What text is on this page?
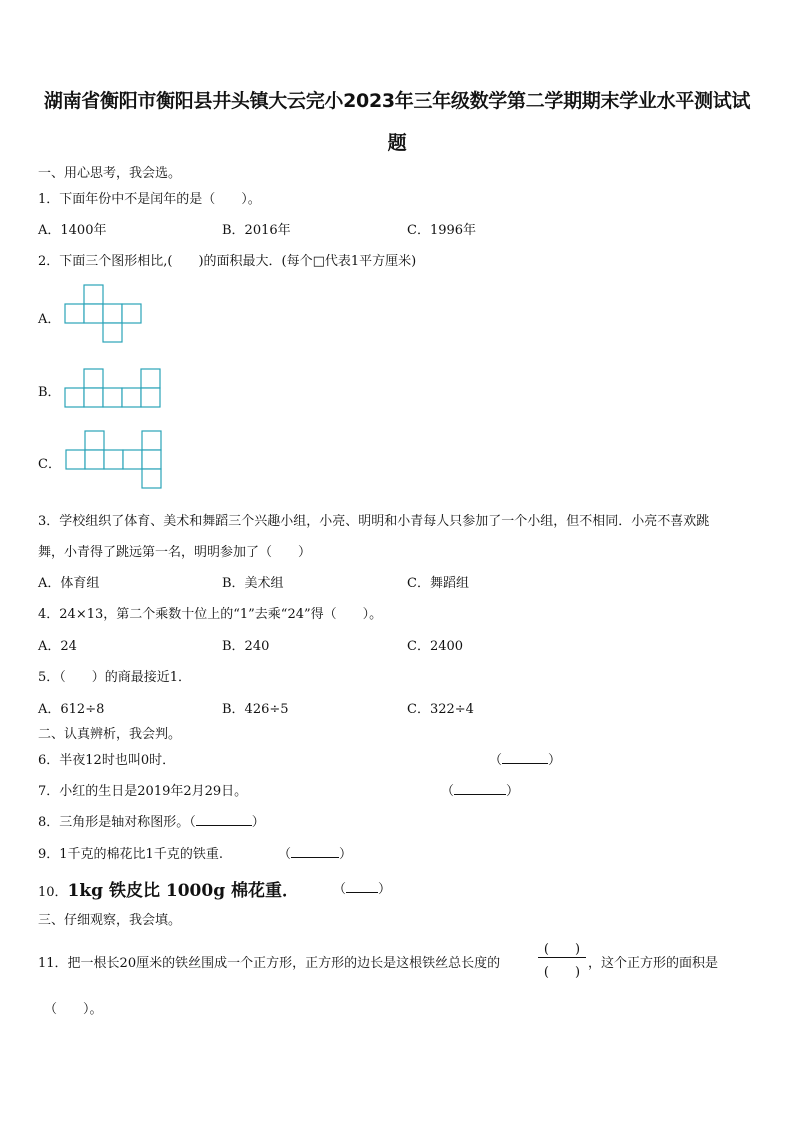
湖南省衡阳市衡阳县井头镇大云完小2023年三年级数学第二学期期末学业水平测试试
题
一、用心思考，我会选。
1．下面年份中不是闰年的是（　　）。
A．1400年	B．2016年	C．1996年
2．下面三个图形相比,(　　)的面积最大．(每个□代表1平方厘米)
A．
B．
C．
3．学校组织了体育、美术和舞蹈三个兴趣小组，小亮、明明和小青每人只参加了一个小组，但不相同．小亮不喜欢跳
舞，小青得了跳远第一名，明明参加了（　　）
A．体育组	B．美术组	C．舞蹈组
4．24×13，第二个乘数十位上的“1”去乘“24”得（　　）。
A．24	B．240	C．2400
5．（　　）的商最接近1．
A．612÷8	B．426÷5	C．322÷4
二、认真辨析，我会判。
6．半夜12时也叫0时．	（	）
7．小红的生日是2019年2月29日。	（	）
8．三角形是轴对称图形。（	）
9．1千克的棉花比1千克的铁重.	（	）
10．1kg 铁皮比 1000g 棉花重．	（ ）
三、仔细观察，我会填。
11．把一根长20厘米的铁丝围成一个正方形，正方形的边长是这根铁丝总长度的
(　　)
(　　)
，这个正方形的面积是
（　　）。
